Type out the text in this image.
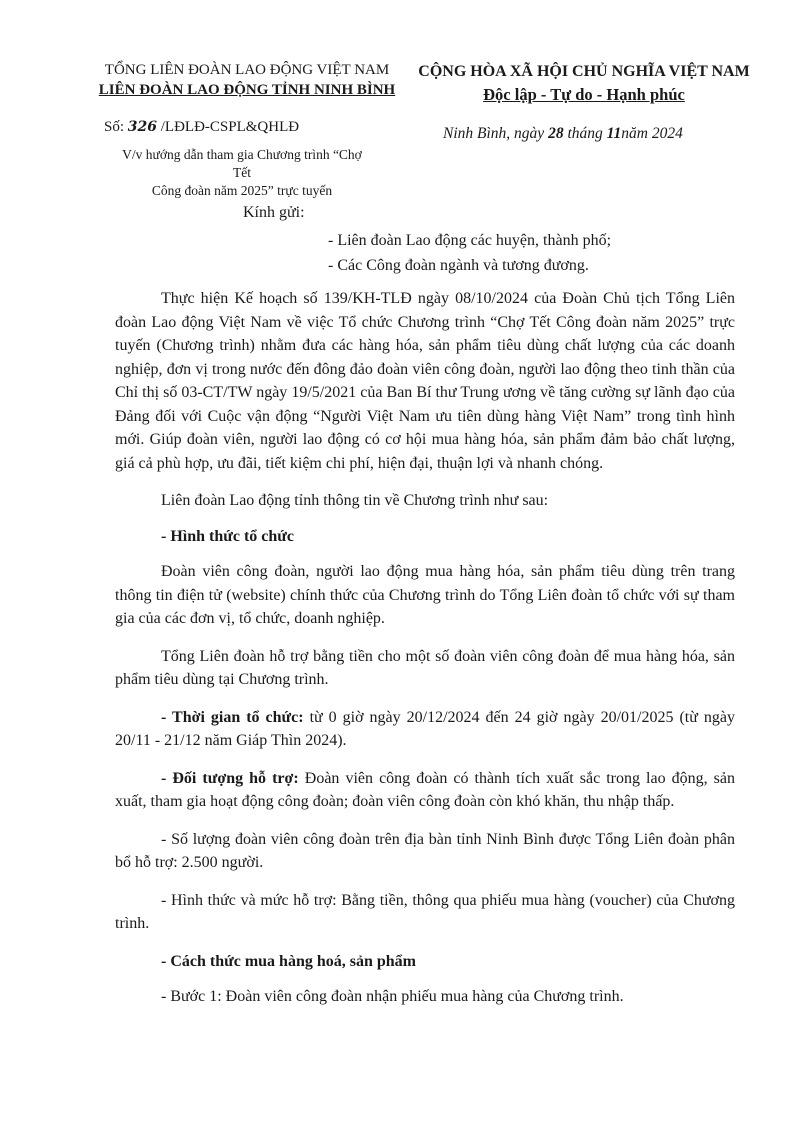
TỔNG LIÊN ĐOÀN LAO ĐỘNG VIỆT NAM
LIÊN ĐOÀN LAO ĐỘNG TỈNH NINH BÌNH
CỘNG HÒA XÃ HỘI CHỦ NGHĨA VIỆT NAM
Độc lập - Tự do - Hạnh phúc
Số: 326 /LĐLĐ-CSPL&QHLĐ
V/v hướng dẫn tham gia Chương trình “Chợ Tết
Công đoàn năm 2025” trực tuyến
Ninh Bình, ngày 28 tháng 11năm 2024
Kính gửi:
- Liên đoàn Lao động các huyện, thành phố;
- Các Công đoàn ngành và tương đương.

Thực hiện Kế hoạch số 139/KH-TLĐ ngày 08/10/2024 của Đoàn Chủ tịch Tổng Liên đoàn Lao động Việt Nam về việc Tổ chức Chương trình “Chợ Tết Công đoàn năm 2025” trực tuyến (Chương trình) nhằm đưa các hàng hóa, sản phẩm tiêu dùng chất lượng của các doanh nghiệp, đơn vị trong nước đến đông đảo đoàn viên công đoàn, người lao động theo tinh thần của Chỉ thị số 03-CT/TW ngày 19/5/2021 của Ban Bí thư Trung ương về tăng cường sự lãnh đạo của Đảng đối với Cuộc vận động “Người Việt Nam ưu tiên dùng hàng Việt Nam” trong tình hình mới. Giúp đoàn viên, người lao động có cơ hội mua hàng hóa, sản phẩm đảm bảo chất lượng, giá cả phù hợp, ưu đãi, tiết kiệm chi phí, hiện đại, thuận lợi và nhanh chóng.

Liên đoàn Lao động tỉnh thông tin về Chương trình như sau:

- Hình thức tổ chức

Đoàn viên công đoàn, người lao động mua hàng hóa, sản phẩm tiêu dùng trên trang thông tin điện tử (website) chính thức của Chương trình do Tổng Liên đoàn tổ chức với sự tham gia của các đơn vị, tổ chức, doanh nghiệp.

Tổng Liên đoàn hỗ trợ bằng tiền cho một số đoàn viên công đoàn để mua hàng hóa, sản phẩm tiêu dùng tại Chương trình.

- Thời gian tổ chức: từ 0 giờ ngày 20/12/2024 đến 24 giờ ngày 20/01/2025 (từ ngày 20/11 - 21/12 năm Giáp Thìn 2024).

- Đối tượng hỗ trợ: Đoàn viên công đoàn có thành tích xuất sắc trong lao động, sản xuất, tham gia hoạt động công đoàn; đoàn viên công đoàn còn khó khăn, thu nhập thấp.

- Số lượng đoàn viên công đoàn trên địa bàn tỉnh Ninh Bình được Tổng Liên đoàn phân bổ hỗ trợ: 2.500 người.

- Hình thức và mức hỗ trợ: Bằng tiền, thông qua phiếu mua hàng (voucher) của Chương trình.

- Cách thức mua hàng hoá, sản phẩm

- Bước 1: Đoàn viên công đoàn nhận phiếu mua hàng của Chương trình.
